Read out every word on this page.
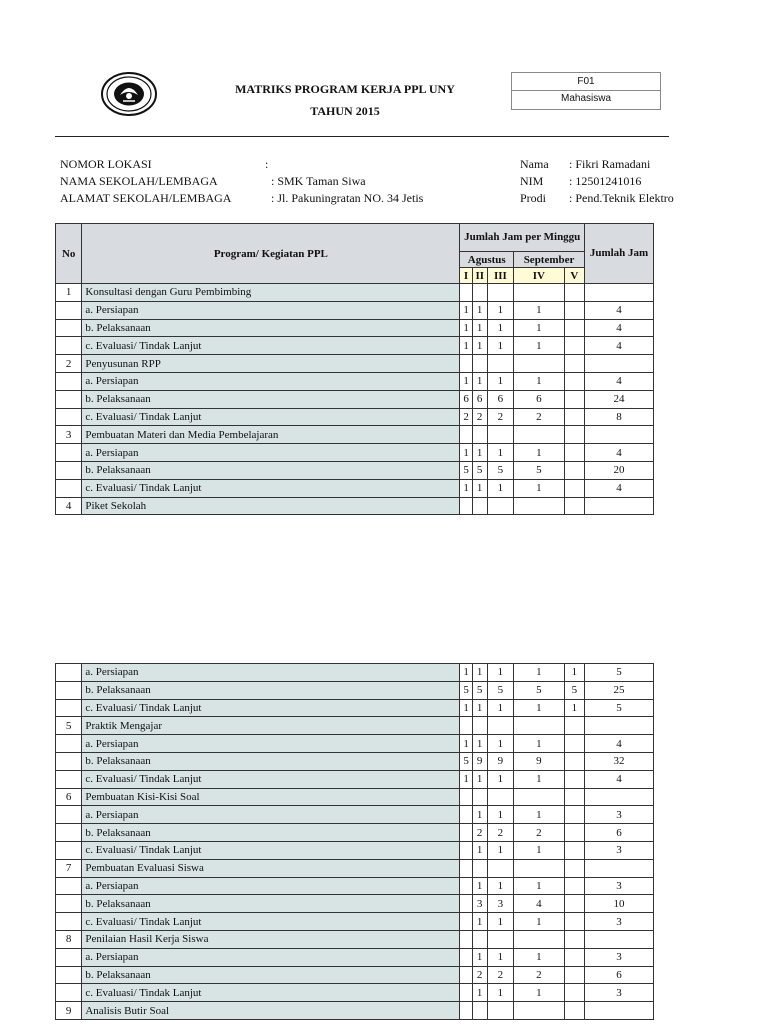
MATRIKS PROGRAM KERJA PPL UNY
TAHUN 2015
F01
Mahasiswa
NOMOR LOKASI	:
NAMA SEKOLAH/LEMBAGA	: SMK Taman Siwa
ALAMAT SEKOLAH/LEMBAGA	: Jl. Pakuningratan NO. 34 Jetis
Nama : Fikri Ramadani
NIM : 12501241016
Prodi : Pend.Teknik Elektro
No	Program/ Kegiatan PPL	Jumlah Jam per Minggu					Jumlah Jam
		Agustus			September		
		I	II	III	IV	V	
1	Konsultasi dengan Guru Pembimbing						
	a. Persiapan	1	1	1	1		4
	b. Pelaksanaan	1	1	1	1		4
	c. Evaluasi/ Tindak Lanjut	1	1	1	1		4
2	Penyusunan RPP						
	a. Persiapan	1	1	1	1		4
	b. Pelaksanaan	6	6	6	6		24
	c. Evaluasi/ Tindak Lanjut	2	2	2	2		8
3	Pembuatan Materi dan Media Pembelajaran						
	a. Persiapan	1	1	1	1		4
	b. Pelaksanaan	5	5	5	5		20
	c. Evaluasi/ Tindak Lanjut	1	1	1	1		4
4	Piket Sekolah						
	a. Persiapan	1	1	1	1	1	5
	b. Pelaksanaan	5	5	5	5	5	25
	c. Evaluasi/ Tindak Lanjut	1	1	1	1	1	5
5	Praktik Mengajar						
	a. Persiapan	1	1	1	1		4
	b. Pelaksanaan	5	9	9	9		32
	c. Evaluasi/ Tindak Lanjut	1	1	1	1		4
6	Pembuatan Kisi-Kisi Soal						
	a. Persiapan		1	1	1		3
	b. Pelaksanaan		2	2	2		6
	c. Evaluasi/ Tindak Lanjut		1	1	1		3
7	Pembuatan Evaluasi Siswa						
	a. Persiapan		1	1	1		3
	b. Pelaksanaan		3	3	4		10
	c. Evaluasi/ Tindak Lanjut		1	1	1		3
8	Penilaian Hasil Kerja Siswa						
	a. Persiapan		1	1	1		3
	b. Pelaksanaan		2	2	2		6
	c. Evaluasi/ Tindak Lanjut		1	1	1		3
9	Analisis Butir Soal						
